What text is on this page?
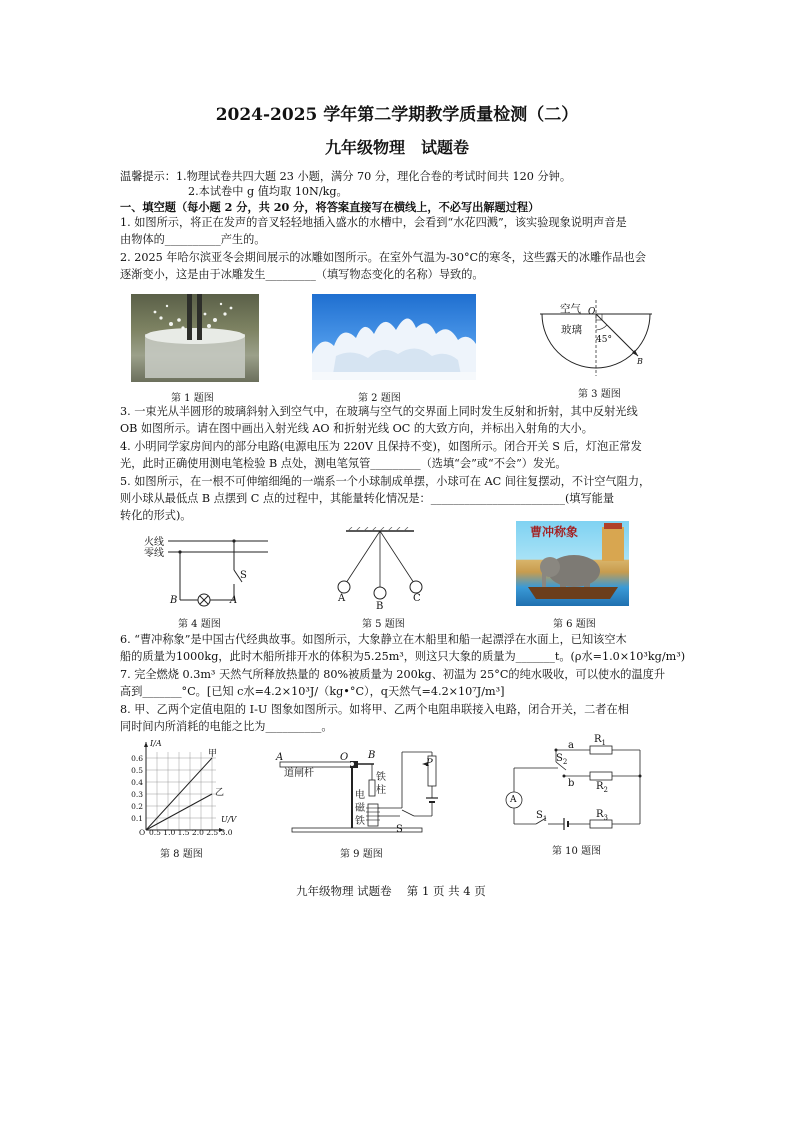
2024-2025 学年第二学期教学质量检测（二）
九年级物理　试题卷
温馨提示：1.物理试卷共四大题 23 小题，满分 70 分，理化合卷的考试时间共 120 分钟。
2.本试卷中 g 值均取 10N/kg。
一、填空题（每小题 2 分，共 20 分，将答案直接写在横线上，不必写出解题过程）
1. 如图所示，将正在发声的音叉轻轻地插入盛水的水槽中，会看到“水花四溅”，该实验现象说明声音是
由物体的__________产生的。
2. 2025 年哈尔滨亚冬会期间展示的冰雕如图所示。在室外气温为-30°C的寒冬，这些露天的冰雕作品也会
逐渐变小，这是由于冰雕发生_________（填写物态变化的名称）导致的。
第 1 题图	第 2 题图
空气
玻璃
O
45°
B
第 3 题图
3. 一束光从半圆形的玻璃斜射入到空气中，在玻璃与空气的交界面上同时发生反射和折射，其中反射光线
OB 如图所示。请在图中画出入射光线 AO 和折射光线 OC 的大致方向，并标出入射角的大小。
4. 小明同学家房间内的部分电路(电源电压为 220V 且保持不变)，如图所示。闭合开关 S 后，灯泡正常发
光，此时正确使用测电笔检验 B 点处，测电笔氖管_________（选填“会”或“不会”）发光。
5. 如图所示，在一根不可伸缩细绳的一端系一个小球制成单摆，小球可在 AC 间往复摆动，不计空气阻力，
则小球从最低点 B 点摆到 C 点的过程中，其能量转化情况是：________________________(填写能量
转化的形式)。
火线
零线
S
B	A
第 4 题图
A
B
C
第 5 题图
曹冲称象
第 6 题图
6. “曹冲称象”是中国古代经典故事。如图所示，大象静立在木船里和船一起漂浮在水面上，已知该空木
船的质量为1000kg，此时木船所排开水的体积为5.25m³，则这只大象的质量为_______t。(ρ水=1.0×10³kg/m³)
7. 完全燃烧 0.3m³ 天然气所释放热量的 80%被质量为 200kg、初温为 25°C的纯水吸收，可以使水的温度升
高到_______°C。[已知 c水=4.2×10³J/（kg•°C），q天然气=4.2×10⁷J/m³]
8. 甲、乙两个定值电阻的 I-U 图象如图所示。如将甲、乙两个电阻串联接入电路，闭合开关，二者在相
同时间内所消耗的电能之比为__________。
I/A
甲
乙
U/V
0.6
0.5
0.4
0.3
0.2
0.1
O 0.5 1.0 1.5 2.0 2.5 3.0
第 8 题图
A	O B
道闸杆	铁
柱
电
磁
铁
P
S
第 9 题图
a
$R_1$
$S_2$
b $R_2$
A
$S_1$	$R_3$
第 10 题图
九年级物理 试题卷　 第 1 页 共 4 页
